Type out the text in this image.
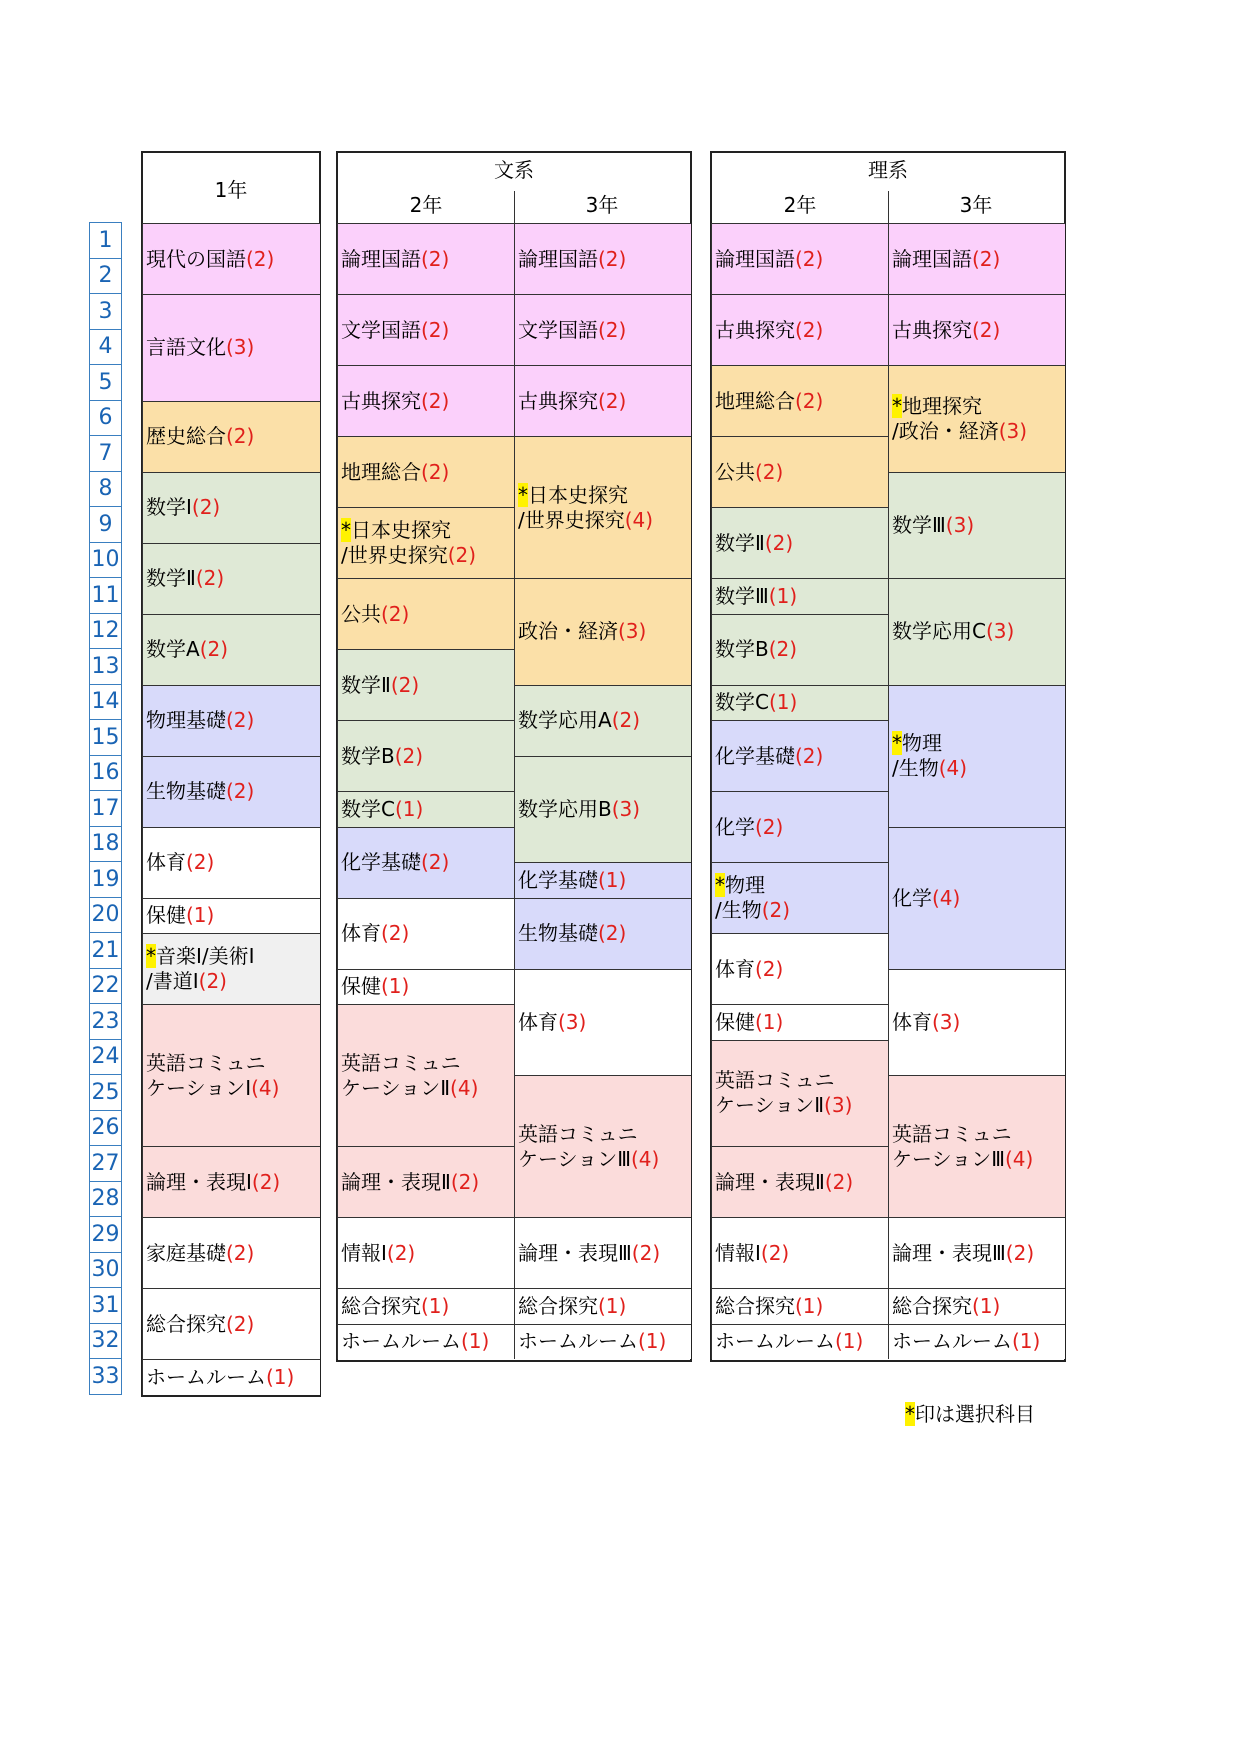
1
2
3
4
5
6
7
8
9
10
11
12
13
14
15
16
17
18
19
20
21
22
23
24
25
26
27
28
29
30
31
32
33
1年
現代の国語(2)
言語文化(3)
歴史総合(2)
数学Ⅰ(2)
数学Ⅱ(2)
数学A(2)
物理基礎(2)
生物基礎(2)
体育(2)
保健(1)
*音楽Ⅰ/美術Ⅰ
/書道Ⅰ(2)
英語コミュニ
ケーションⅠ(4)
論理・表現Ⅰ(2)
家庭基礎(2)
総合探究(2)
ホームルーム(1)
文系
2年	3年
論理国語(2)
文学国語(2)
古典探究(2)
地理総合(2)
*日本史探究
/世界史探究(2)
公共(2)
数学Ⅱ(2)
数学B(2)
数学C(1)
化学基礎(2)
体育(2)
保健(1)
英語コミュニ
ケーションⅡ(4)
論理・表現Ⅱ(2)
情報Ⅰ(2)
総合探究(1)
ホームルーム(1)
論理国語(2)
文学国語(2)
古典探究(2)
*日本史探究
/世界史探究(4)
政治・経済(3)
数学応用A(2)
数学応用B(3)
化学基礎(1)
生物基礎(2)
体育(3)
英語コミュニ
ケーションⅢ(4)
論理・表現Ⅲ(2)
総合探究(1)
ホームルーム(1)
理系
2年	3年
論理国語(2)
古典探究(2)
地理総合(2)
公共(2)
数学Ⅱ(2)
数学Ⅲ(1)
数学B(2)
数学C(1)
化学基礎(2)
化学(2)
*物理
/生物(2)
体育(2)
保健(1)
英語コミュニ
ケーションⅡ(3)
論理・表現Ⅱ(2)
情報Ⅰ(2)
総合探究(1)
ホームルーム(1)
論理国語(2)
古典探究(2)
*地理探究
/政治・経済(3)
数学Ⅲ(3)
数学応用C(3)
*物理
/生物(4)
化学(4)
体育(3)
英語コミュニ
ケーションⅢ(4)
論理・表現Ⅲ(2)
総合探究(1)
ホームルーム(1)
*印は選択科目
